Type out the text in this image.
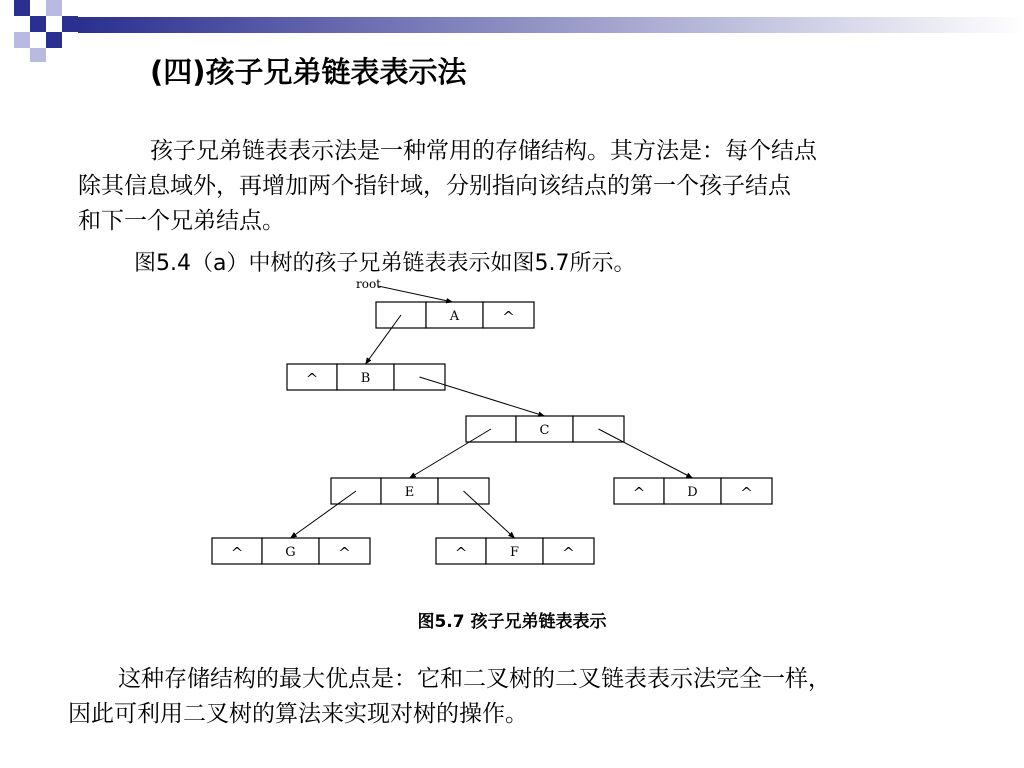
(四)孩子兄弟链表表示法
孩子兄弟链表表示法是一种常用的存储结构。其方法是：每个结点
除其信息域外，再增加两个指针域，分别指向该结点的第一个孩子结点
和下一个兄弟结点。
图5.4（a）中树的孩子兄弟链表表示如图5.7所示。
A	^
^	B
C
E	^	D	^
^	G	^	^	F	^
root
图5.7 孩子兄弟链表表示
这种存储结构的最大优点是：它和二叉树的二叉链表表示法完全一样，
因此可利用二叉树的算法来实现对树的操作。
